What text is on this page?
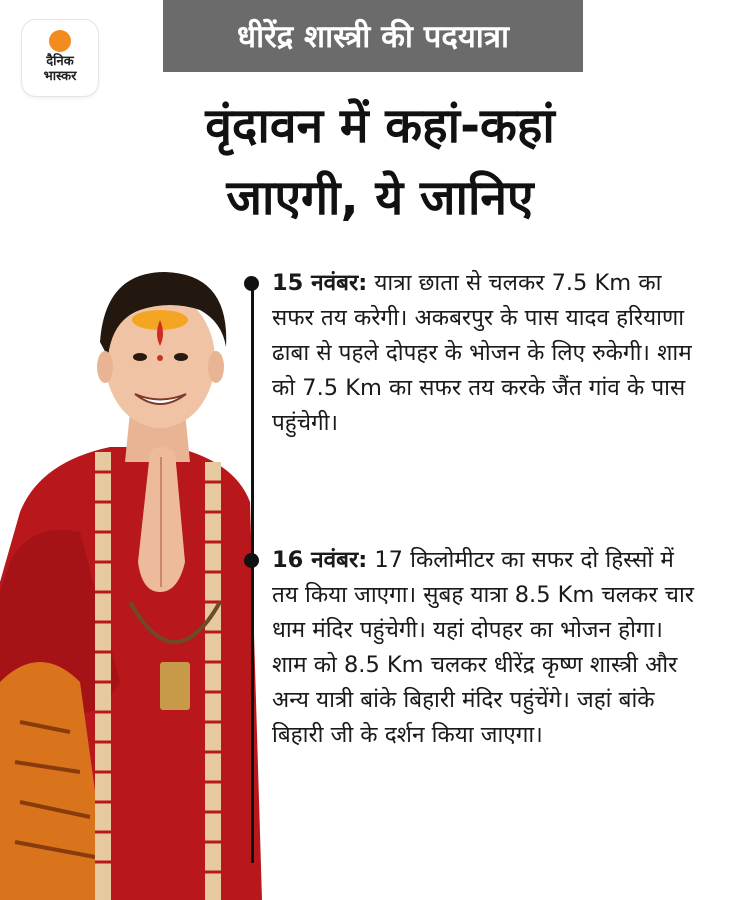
दैनिक
भास्कर
धीरेंद्र शास्त्री की पदयात्रा
वृंदावन में कहां-कहां
जाएगी, ये जानिए
15 नवंबर: यात्रा छाता से चलकर 7.5 Km का सफर तय करेगी। अकबरपुर के पास यादव हरियाणा ढाबा से पहले दोपहर के भोजन के लिए रुकेगी। शाम को 7.5 Km का सफर तय करके जैंत गांव के पास पहुंचेगी।
16 नवंबर: 17 किलोमीटर का सफर दो हिस्सों में तय किया जाएगा। सुबह यात्रा 8.5 Km चलकर चार धाम मंदिर पहुंचेगी। यहां दोपहर का भोजन होगा। शाम को 8.5 Km चलकर धीरेंद्र कृष्ण शास्त्री और अन्य यात्री बांके बिहारी मंदिर पहुंचेंगे। जहां बांके बिहारी जी के दर्शन किया जाएगा।
